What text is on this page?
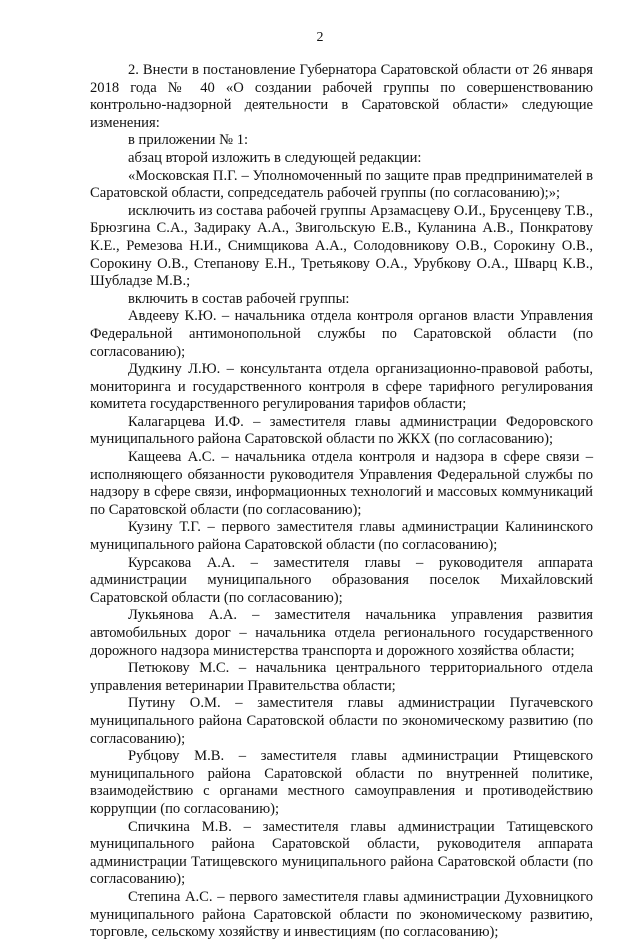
2

2. Внести в постановление Губернатора Саратовской области от 26 января 2018 года № 40 «О создании рабочей группы по совершенствованию контрольно-надзорной деятельности в Саратовской области» следующие изменения:

в приложении № 1:

абзац второй изложить в следующей редакции:

«Московская П.Г. – Уполномоченный по защите прав предпринимателей в Саратовской области, сопредседатель рабочей группы (по согласованию);»;

исключить из состава рабочей группы Арзамасцеву О.И., Брусенцеву Т.В., Брюзгина С.А., Задираку А.А., Звигольскую Е.В., Куланина А.В., Понкратову К.Е., Ремезова Н.И., Снимщикова А.А., Солодовникову О.В., Сорокину О.В., Сорокину О.В., Степанову Е.Н., Третьякову О.А., Урубкову О.А., Шварц К.В., Шубладзе М.В.;

включить в состав рабочей группы:

Авдееву К.Ю. – начальника отдела контроля органов власти Управления Федеральной антимонопольной службы по Саратовской области (по согласованию);

Дудкину Л.Ю. – консультанта отдела организационно-правовой работы, мониторинга и государственного контроля в сфере тарифного регулирования комитета государственного регулирования тарифов области;

Калагарцева И.Ф. – заместителя главы администрации Федоровского муниципального района Саратовской области по ЖКХ (по согласованию);

Кащеева А.С. – начальника отдела контроля и надзора в сфере связи – исполняющего обязанности руководителя Управления Федеральной службы по надзору в сфере связи, информационных технологий и массовых коммуникаций по Саратовской области (по согласованию);

Кузину Т.Г. – первого заместителя главы администрации Калининского муниципального района Саратовской области (по согласованию);

Курсакова А.А. – заместителя главы – руководителя аппарата администрации муниципального образования поселок Михайловский Саратовской области (по согласованию);

Лукьянова А.А. – заместителя начальника управления развития автомобильных дорог – начальника отдела регионального государственного дорожного надзора министерства транспорта и дорожного хозяйства области;

Петюкову М.С. – начальника центрального территориального отдела управления ветеринарии Правительства области;

Путину О.М. – заместителя главы администрации Пугачевского муниципального района Саратовской области по экономическому развитию (по согласованию);

Рубцову М.В. – заместителя главы администрации Ртищевского муниципального района Саратовской области по внутренней политике, взаимодействию с органами местного самоуправления и противодействию коррупции (по согласованию);

Спичкина М.В. – заместителя главы администрации Татищевского муниципального района Саратовской области, руководителя аппарата администрации Татищевского муниципального района Саратовской области (по согласованию);

Степина А.С. – первого заместителя главы администрации Духовницкого муниципального района Саратовской области по экономическому развитию, торговле, сельскому хозяйству и инвестициям (по согласованию);
